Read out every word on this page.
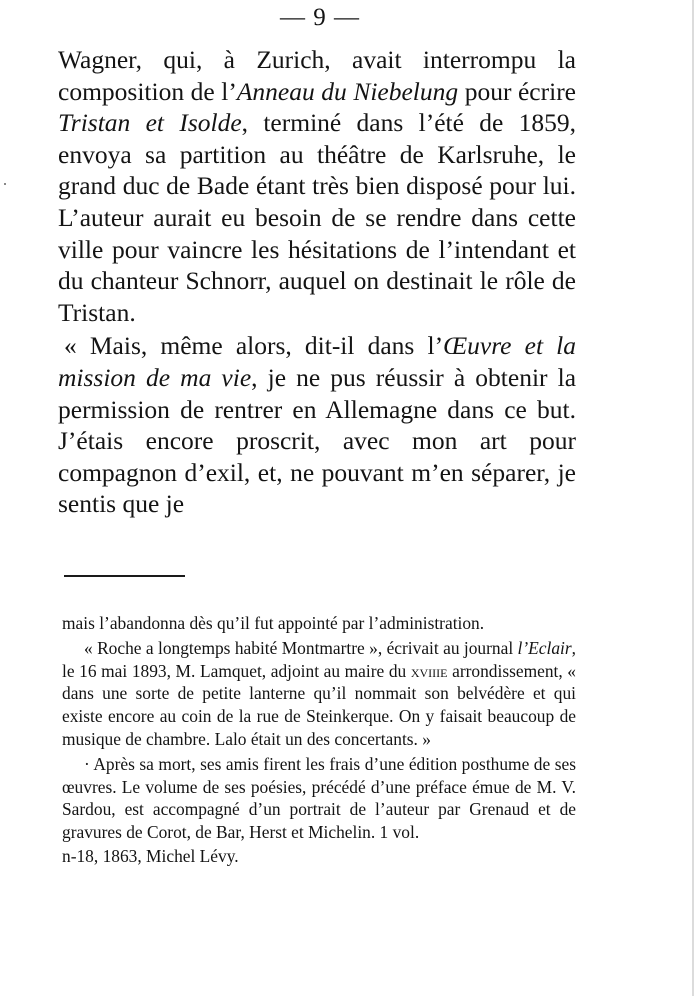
— 9 —

Wagner, qui, à Zurich, avait interrompu la composition de l’Anneau du Niebelung pour écrire Tristan et Isolde, terminé dans l’été de 1859, envoya sa partition au théâtre de Karlsruhe, le grand duc de Bade étant très bien disposé pour lui. L’auteur aurait eu besoin de se rendre dans cette ville pour vaincre les hésitations de l’intendant et du chanteur Schnorr, auquel on destinait le rôle de Tristan.

« Mais, même alors, dit-il dans l’Œuvre et la mission de ma vie, je ne pus réussir à obtenir la permission de rentrer en Allemagne dans ce but. J’étais encore proscrit, avec mon art pour compagnon d’exil, et, ne pouvant m’en séparer, je sentis que je

mais l’abandonna dès qu’il fut appointé par l’administration.

« Roche a longtemps habité Montmartre », écrivait au journal l’Eclair, le 16 mai 1893, M. Lamquet, adjoint au maire du xviiie arrondissement, « dans une sorte de petite lanterne qu’il nommait son belvédère et qui existe encore au coin de la rue de Steinkerque. On y faisait beaucoup de musique de chambre. Lalo était un des concertants. »

· Après sa mort, ses amis firent les frais d’une édition posthume de ses œuvres. Le volume de ses poésies, précédé d’une préface émue de M. V. Sardou, est accompagné d’un portrait de l’auteur par Grenaud et de gravures de Corot, de Bar, Herst et Michelin. 1 vol.

n-18, 1863, Michel Lévy.
